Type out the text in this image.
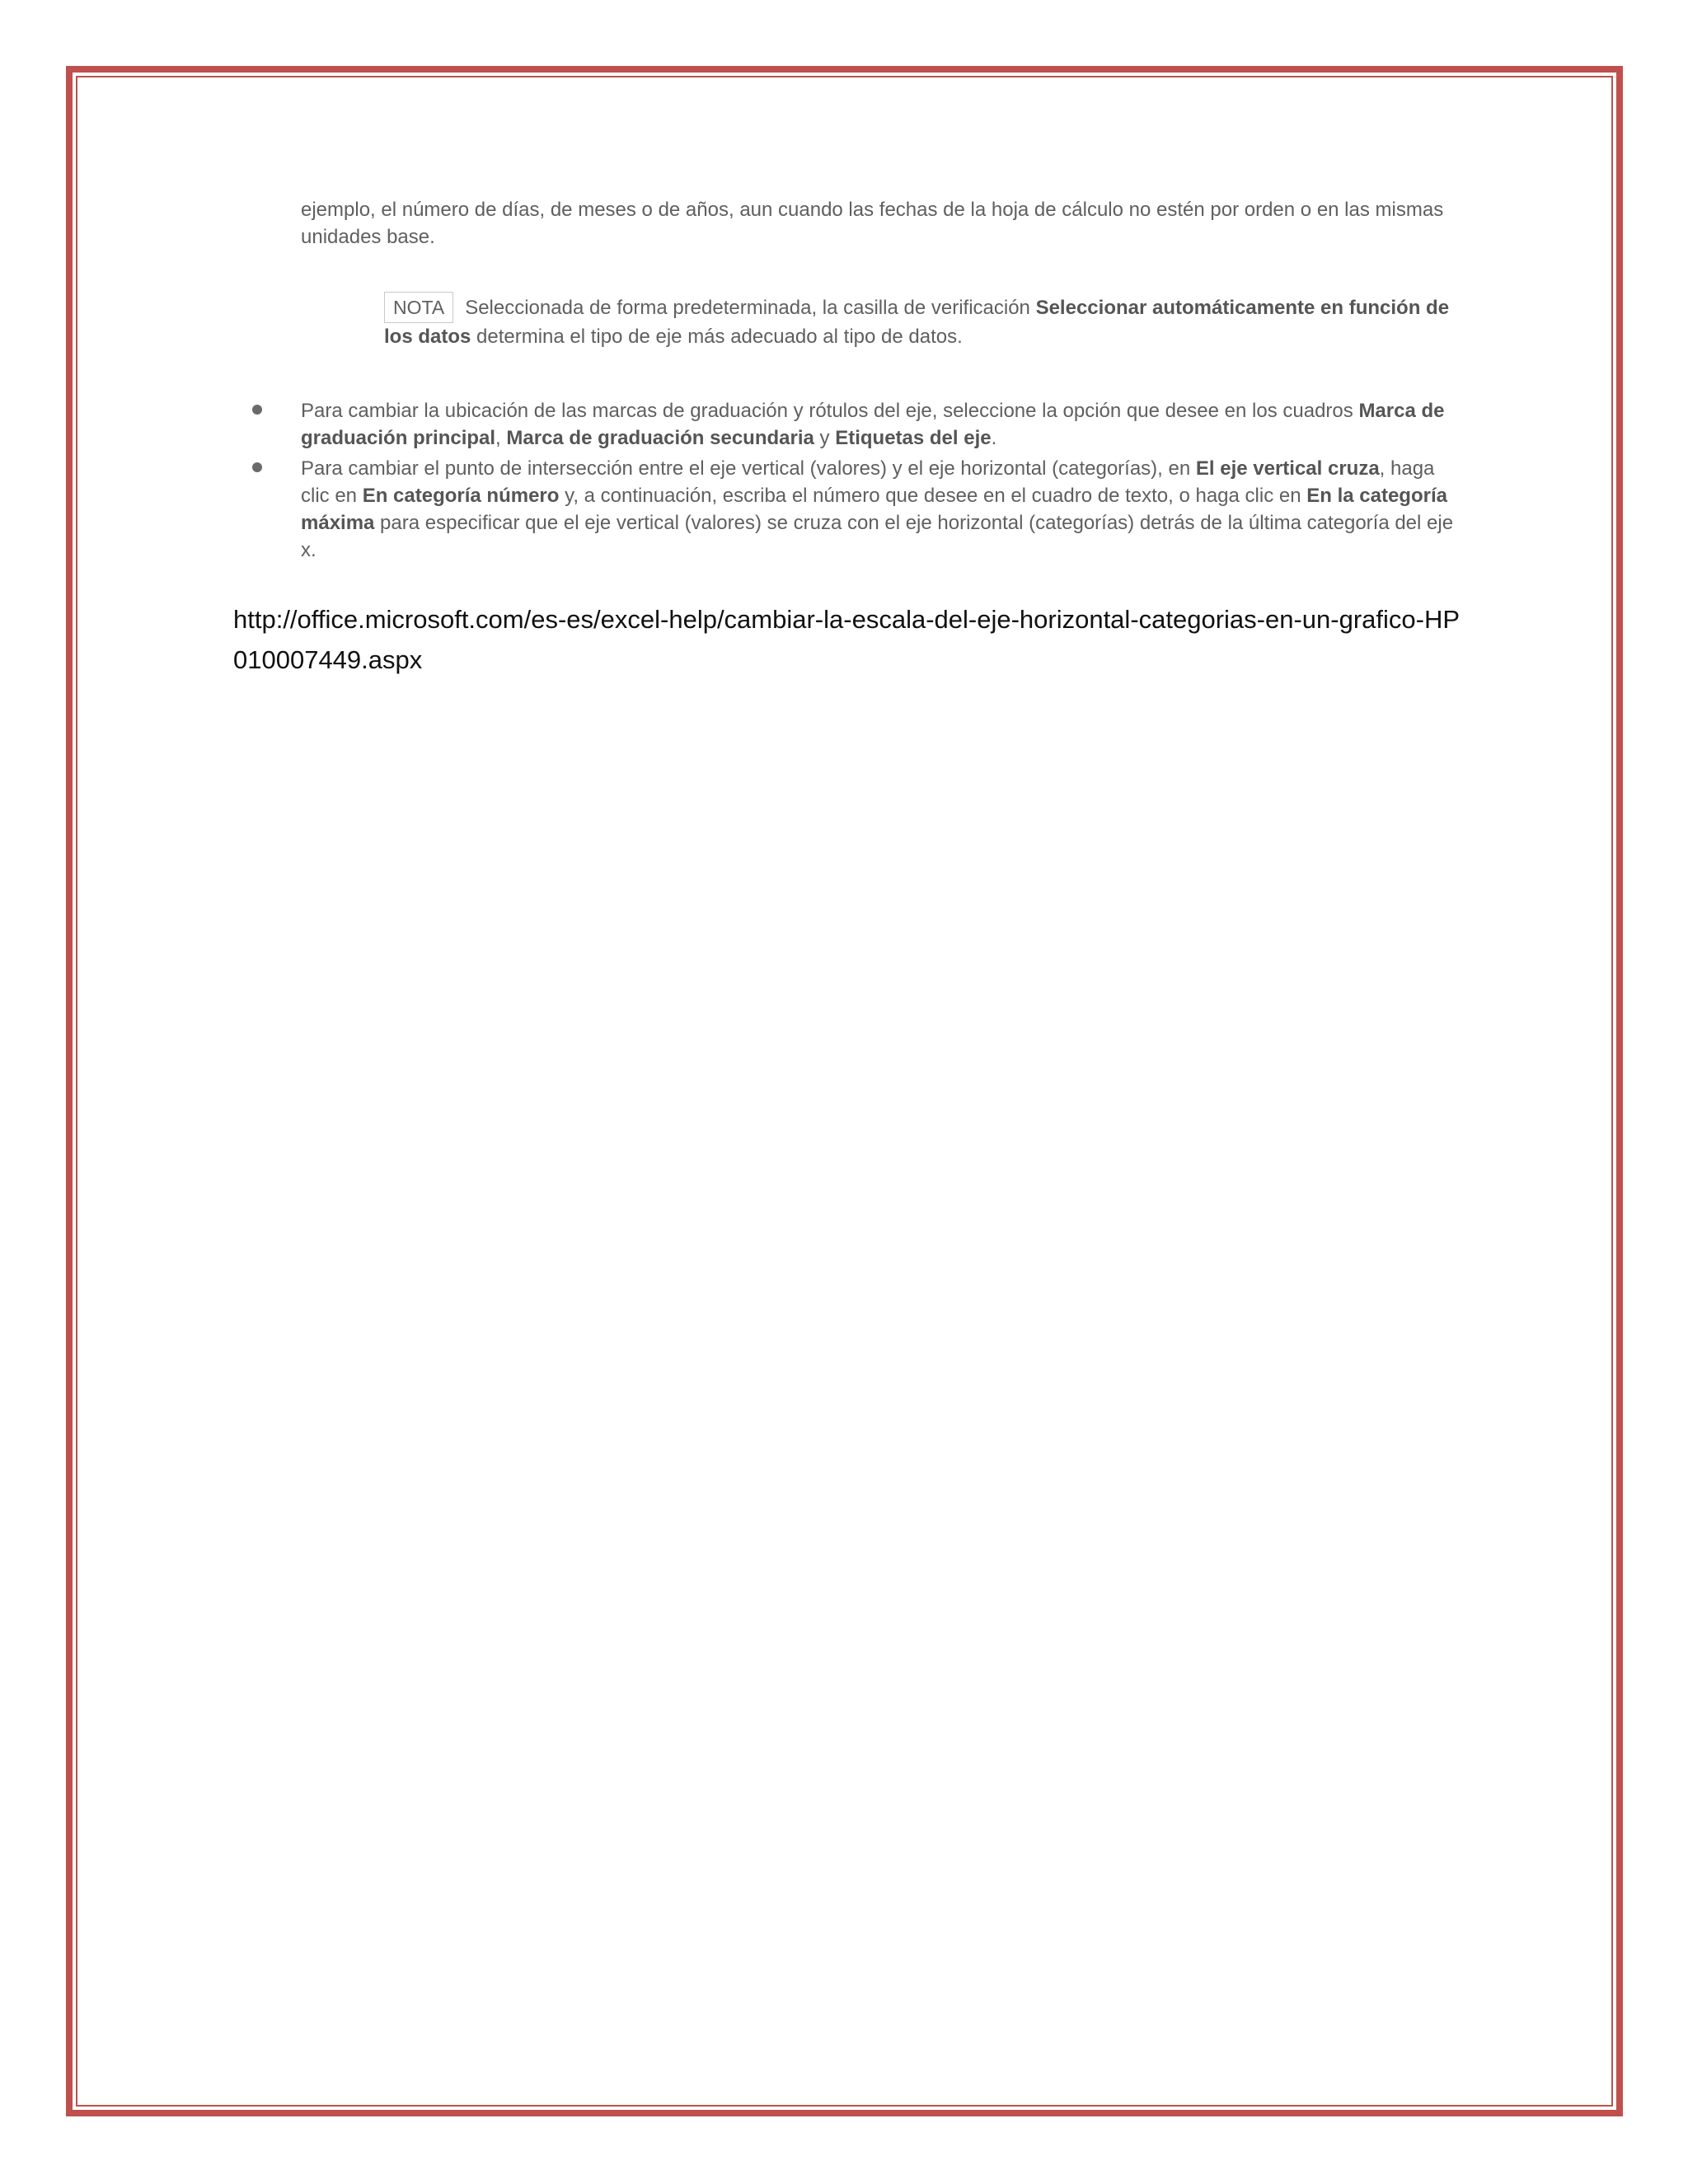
ejemplo, el número de días, de meses o de años, aun cuando las fechas de la hoja de cálculo no estén por orden o en las mismas unidades base.

NOTA Seleccionada de forma predeterminada, la casilla de verificación Seleccionar automáticamente en función de los datos determina el tipo de eje más adecuado al tipo de datos.
Para cambiar la ubicación de las marcas de graduación y rótulos del eje, seleccione la opción que desee en los cuadros Marca de graduación principal, Marca de graduación secundaria y Etiquetas del eje.
Para cambiar el punto de intersección entre el eje vertical (valores) y el eje horizontal (categorías), en El eje vertical cruza, haga clic en En categoría número y, a continuación, escriba el número que desee en el cuadro de texto, o haga clic en En la categoría máxima para especificar que el eje vertical (valores) se cruza con el eje horizontal (categorías) detrás de la última categoría del eje x.
http://office.microsoft.com/es-es/excel-help/cambiar-la-escala-del-eje-horizontal-categorias-en-un-grafico-HP010007449.aspx
